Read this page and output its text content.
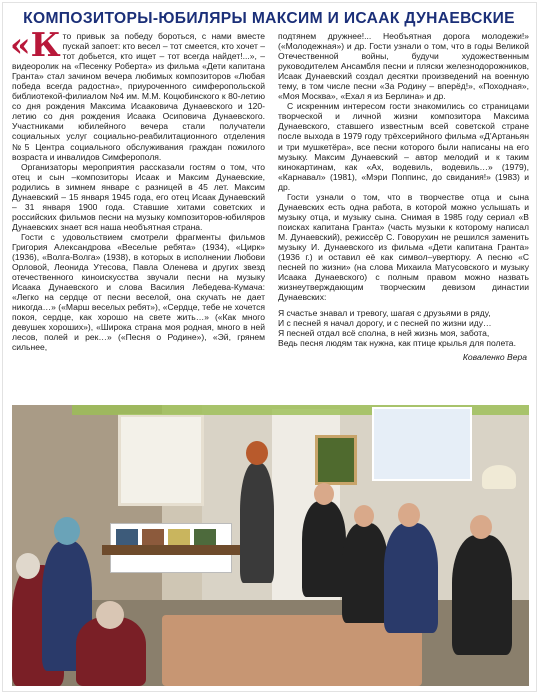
КОМПОЗИТОРЫ-ЮБИЛЯРЫ МАКСИМ И ИСААК ДУНАЕВСКИЕ

«Кто привык за победу бороться, с нами вместе пускай запоет: кто весел – тот смеется, кто хочет – тот добьется, кто ищет – тот всегда найдет!...», – видеоролик на «Песенку Роберта» из фильма «Дети капитана Гранта» стал зачином вечера любимых композиторов «Любая победа всегда радостна», приуроченного симферопольской библиотекой-филиалом №4 им. М.М. Коцюбинского к 80-летию со дня рождения Максима Исааковича Дунаевского и 120-летию со дня рождения Исаака Осиповича Дунаевского. Участниками юбилейного вечера стали получатели социальных услуг социально-реабилитационного отделения №5 Центра социального обслуживания граждан пожилого возраста и инвалидов Симферополя.

Организаторы мероприятия рассказали гостям о том, что отец и сын –композиторы Исаак и Максим Дунаевские, родились в зимнем январе с разницей в 45 лет. Максим Дунаевский – 15 января 1945 года, его отец Исаак Дунаевский – 31 января 1900 года. Ставшие хитами советских и российских фильмов песни на музыку композиторов-юбиляров Дунаевских знает вся наша необъятная страна.

Гости с удовольствием смотрели фрагменты фильмов Григория Александрова «Веселые ребята» (1934), «Цирк» (1936), «Волга-Волга» (1938), в которых в исполнении Любови Орловой, Леонида Утесова, Павла Оленева и других звезд отечественного киноискусства звучали песни на музыку Исаака Дунаевского и слова Василия Лебедева-Кумача: «Легко на сердце от песни веселой, она скучать не дает никогда…» («Марш веселых ребят»), «Сердце, тебе не хочется покоя, сердце, как хорошо на свете жить…» («Как много девушек хороших»), «Широка страна моя родная, много в ней лесов, полей и рек…» («Песня о Родине»), «Эй, грянем сильнее,

подтянем дружнее!... Необъятная дорога молодежи!» («Молодежная») и др. Гости узнали о том, что в годы Великой Отечественной войны, будучи художественным руководителем Ансамбля песни и пляски железнодорожников, Исаак Дунаевский создал десятки произведений на военную тему, в том числе песни «За Родину – вперёд!», «Походная», «Моя Москва», «Ехал я из Берлина» и др.

С искренним интересом гости знакомились со страницами творческой и личной жизни композитора Максима Дунаевского, ставшего известным всей советской стране после выхода в 1979 году трёхсерийного фильма «Д’Артаньян и три мушкетёра», все песни которого были написаны на его музыку. Максим Дунаевский – автор мелодий и к таким кинокартинам, как «Ах, водевиль, водевиль…» (1979), «Карнавал» (1981), «Мэри Поппинс, до свидания!» (1983) и др.

Гости узнали о том, что в творчестве отца и сына Дунаевских есть одна работа, в которой можно услышать и музыку отца, и музыку сына. Снимая в 1985 году сериал «В поисках капитана Гранта» (часть музыки к которому написал М. Дунаевский), режиссёр С. Говорухин не решился заменить музыку И. Дунаевского из фильма «Дети капитана Гранта» (1936 г.) и оставил её как символ–увертюру. А песню «С песней по жизни» (на слова Михаила Матусовского и музыку Исаака Дунаевского) с полным правом можно назвать жизнеутверждающим творческим девизом династии Дунаевских:

Я счастье знавал и тревогу, шагая с друзьями в ряду,
И с песней я начал дорогу, и с песней по жизни иду…
Я песней отдал всё сполна, в ней жизнь моя, забота,
Ведь песня людям так нужна, как птице крылья для полета.
Коваленко Вера
